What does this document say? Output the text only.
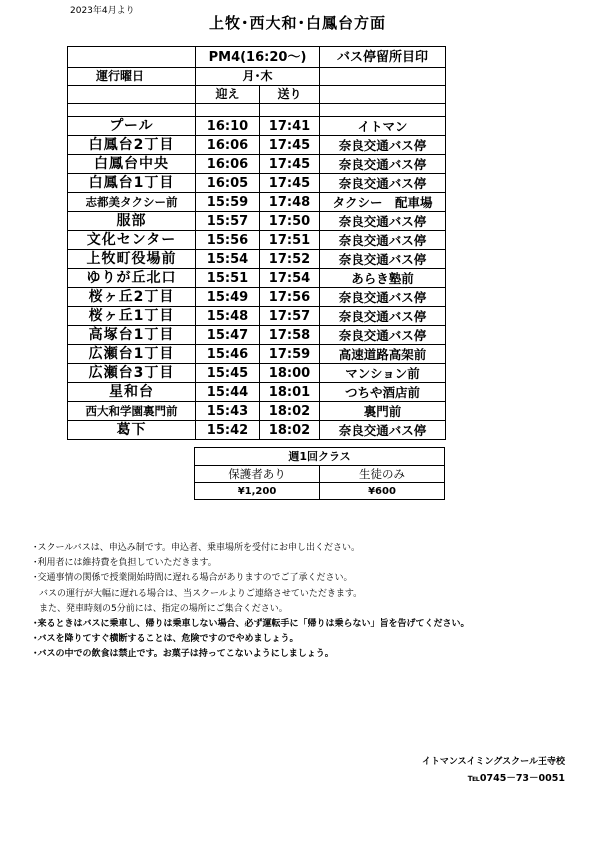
2023年4月より
上牧･西大和･白鳳台方面
	PM4(16:20～)		バス停留所目印
運行曜日	月･木		
	迎え	送り	

プール	16:10	17:41	イトマン
白鳳台2丁目	16:06	17:45	奈良交通バス停
白鳳台中央	16:06	17:45	奈良交通バス停
白鳳台1丁目	16:05	17:45	奈良交通バス停
志都美タクシー前	15:59	17:48	タクシー　配車場
服部	15:57	17:50	奈良交通バス停
文化センター	15:56	17:51	奈良交通バス停
上牧町役場前	15:54	17:52	奈良交通バス停
ゆりが丘北口	15:51	17:54	あらき塾前
桜ヶ丘2丁目	15:49	17:56	奈良交通バス停
桜ヶ丘1丁目	15:48	17:57	奈良交通バス停
高塚台1丁目	15:47	17:58	奈良交通バス停
広瀬台1丁目	15:46	17:59	高速道路高架前
広瀬台3丁目	15:45	18:00	マンション前
星和台	15:44	18:01	つちや酒店前
西大和学園裏門前	15:43	18:02	裏門前
葛下	15:42	18:02	奈良交通バス停
週1回クラス	
保護者あり	生徒のみ
¥1,200	¥600
･スクールバスは、申込み制です。申込者、乗車場所を受付にお申し出ください。
･利用者には維持費を負担していただきます。
･交通事情の関係で授業開始時間に遅れる場合がありますのでご了承ください。
バスの運行が大幅に遅れる場合は、当スクールよりご連絡させていただきます。
また、発車時刻の5分前には、指定の場所にご集合ください。
･来るときはバスに乗車し、帰りは乗車しない場合、必ず運転手に「帰りは乗らない」旨を告げてください。
･バスを降りてすぐ横断することは、危険ですのでやめましょう。
･バスの中での飲食は禁止です。お菓子は持ってこないようにしましょう。
イトマンスイミングスクール王寺校
℡0745－73－0051
